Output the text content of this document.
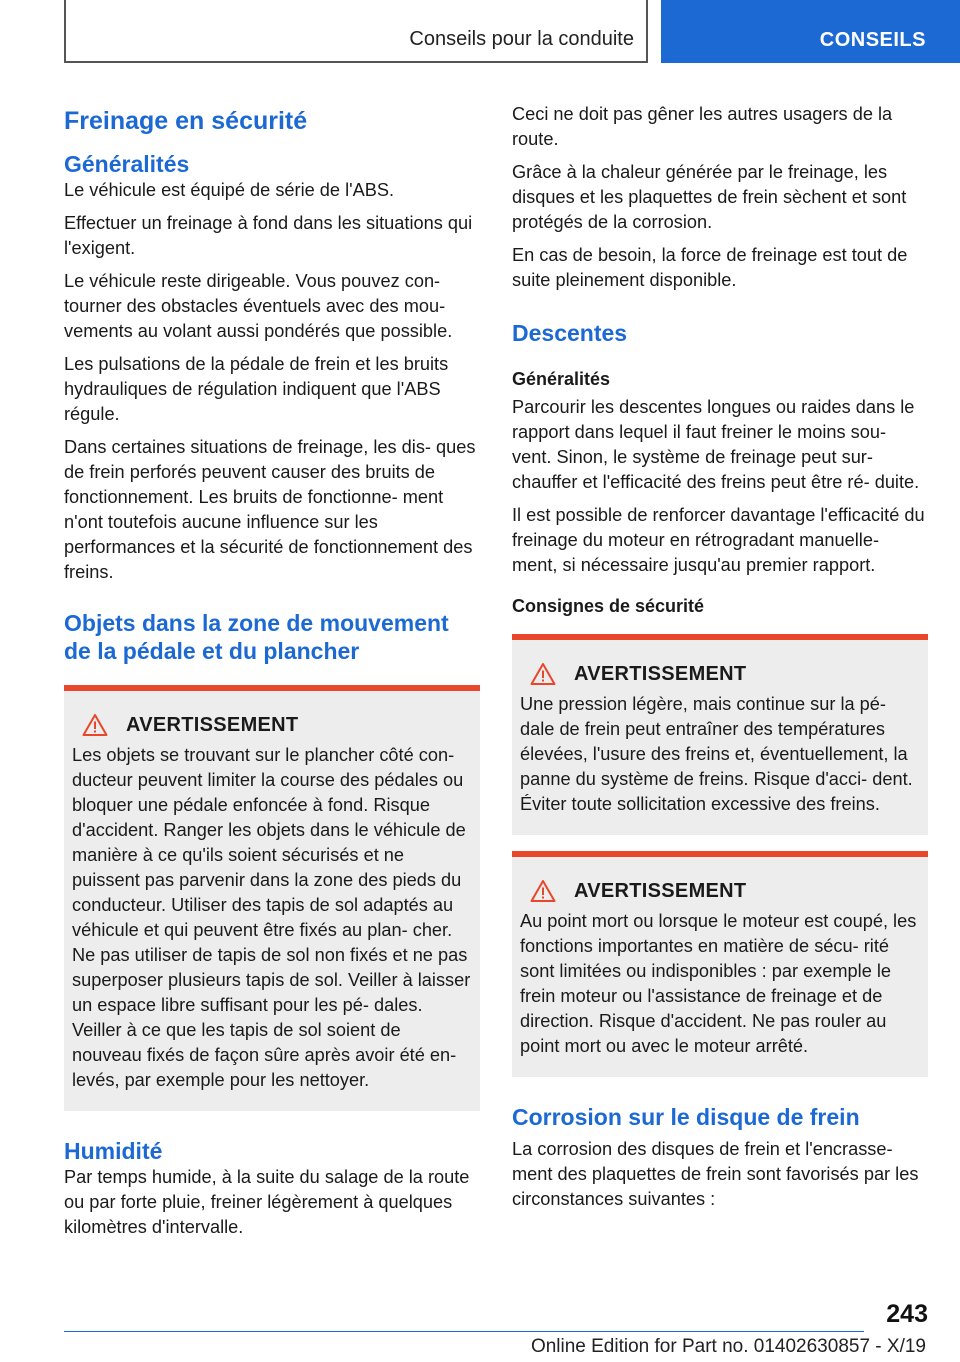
Conseils pour la conduite	CONSEILS
Freinage en sécurité
Généralités

Le véhicule est équipé de série de l'ABS.

Effectuer un freinage à fond dans les situations qui l'exigent.

Le véhicule reste dirigeable. Vous pouvez con‐ tourner des obstacles éventuels avec des mou‐ vements au volant aussi pondérés que possible.

Les pulsations de la pédale de frein et les bruits hydrauliques de régulation indiquent que l'ABS régule.

Dans certaines situations de freinage, les dis‐ ques de frein perforés peuvent causer des bruits de fonctionnement. Les bruits de fonctionne‐ ment n'ont toutefois aucune influence sur les performances et la sécurité de fonctionnement des freins.

Objets dans la zone de mouvement de la pédale et du plancher
AVERTISSEMENT

Les objets se trouvant sur le plancher côté con‐ ducteur peuvent limiter la course des pédales ou bloquer une pédale enfoncée à fond. Risque d'accident. Ranger les objets dans le véhicule de manière à ce qu'ils soient sécurisés et ne puissent pas parvenir dans la zone des pieds du conducteur. Utiliser des tapis de sol adaptés au véhicule et qui peuvent être fixés au plan‐ cher. Ne pas utiliser de tapis de sol non fixés et ne pas superposer plusieurs tapis de sol. Veiller à laisser un espace libre suffisant pour les pé‐ dales. Veiller à ce que les tapis de sol soient de nouveau fixés de façon sûre après avoir été en‐ levés, par exemple pour les nettoyer.

Humidité

Par temps humide, à la suite du salage de la route ou par forte pluie, freiner légèrement à quelques kilomètres d'intervalle.

Ceci ne doit pas gêner les autres usagers de la route.

Grâce à la chaleur générée par le freinage, les disques et les plaquettes de frein sèchent et sont protégés de la corrosion.

En cas de besoin, la force de freinage est tout de suite pleinement disponible.

Descentes
Généralités

Parcourir les descentes longues ou raides dans le rapport dans lequel il faut freiner le moins sou‐ vent. Sinon, le système de freinage peut sur‐ chauffer et l'efficacité des freins peut être ré‐ duite.

Il est possible de renforcer davantage l'efficacité du freinage du moteur en rétrogradant manuelle‐ ment, si nécessaire jusqu'au premier rapport.

Consignes de sécurité
AVERTISSEMENT

Une pression légère, mais continue sur la pé‐ dale de frein peut entraîner des températures élevées, l'usure des freins et, éventuellement, la panne du système de freins. Risque d'acci‐ dent. Éviter toute sollicitation excessive des freins.

AVERTISSEMENT

Au point mort ou lorsque le moteur est coupé, les fonctions importantes en matière de sécu‐ rité sont limitées ou indisponibles : par exemple le frein moteur ou l'assistance de freinage et de direction. Risque d'accident. Ne pas rouler au point mort ou avec le moteur arrêté.

Corrosion sur le disque de frein

La corrosion des disques de frein et l'encrasse‐ ment des plaquettes de frein sont favorisés par les circonstances suivantes :

243
Online Edition for Part no. 01402630857 - X/19
